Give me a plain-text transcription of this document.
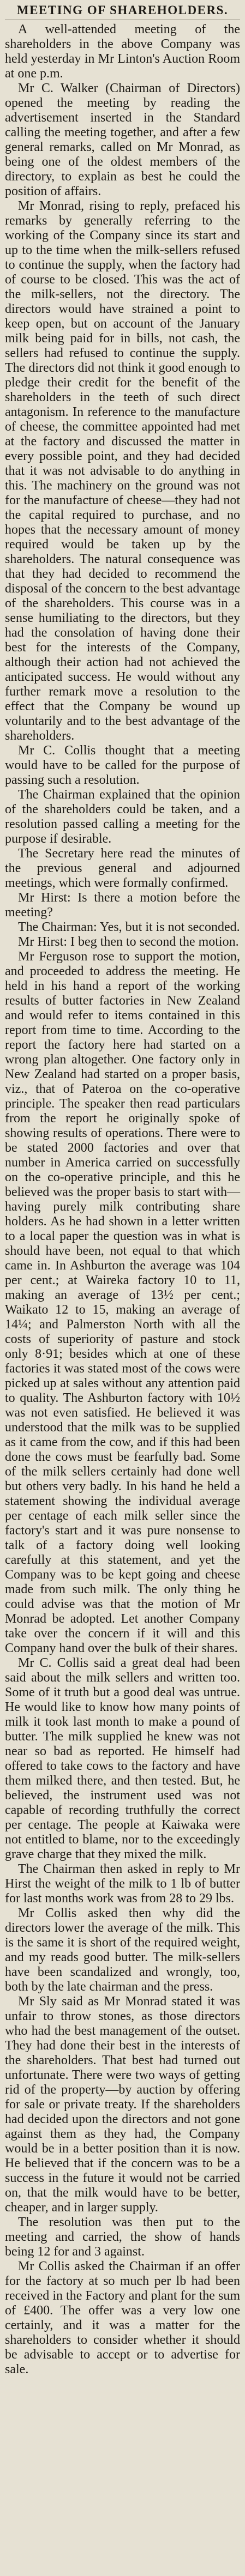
MEETING OF SHAREHOLDERS.

A well-attended meeting of the shareholders in the above Company was held yesterday in Mr Linton's Auction Room at one p.m.

Mr C. Walker (Chairman of Directors) opened the meeting by reading the advertisement inserted in the Standard calling the meeting together, and after a few general remarks, called on Mr Monrad, as being one of the oldest members of the directory, to explain as best he could the position of affairs.

Mr Monrad, rising to reply, prefaced his remarks by generally referring to the working of the Company since its start and up to the time when the milk-sellers refused to continue the supply, when the factory had of course to be closed. This was the act of the milk-sellers, not the directory. The directors would have strained a point to keep open, but on account of the January milk being paid for in bills, not cash, the sellers had refused to continue the supply. The directors did not think it good enough to pledge their credit for the benefit of the shareholders in the teeth of such direct antagonism. In reference to the manufacture of cheese, the committee appointed had met at the factory and discussed the matter in every possible point, and they had decided that it was not advisable to do anything in this. The machinery on the ground was not for the manufacture of cheese—they had not the capital required to purchase, and no hopes that the necessary amount of money required would be taken up by the shareholders. The natural consequence was that they had decided to recommend the disposal of the concern to the best advantage of the shareholders. This course was in a sense humiliating to the directors, but they had the consolation of having done their best for the interests of the Company, although their action had not achieved the anticipated success. He would without any further remark move a resolution to the effect that the Company be wound up voluntarily and to the best advantage of the shareholders.

Mr C. Collis thought that a meeting would have to be called for the purpose of passing such a resolution.

The Chairman explained that the opinion of the shareholders could be taken, and a resolution passed calling a meeting for the purpose if desirable.

The Secretary here read the minutes of the previous general and adjourned meetings, which were formally confirmed.

Mr Hirst: Is there a motion before the meeting?

The Chairman: Yes, but it is not seconded.

Mr Hirst: I beg then to second the motion.

Mr Ferguson rose to support the motion, and proceeded to address the meeting. He held in his hand a report of the working results of butter factories in New Zealand and would refer to items contained in this report from time to time. According to the report the factory here had started on a wrong plan altogether. One factory only in New Zealand had started on a proper basis, viz., that of Pateroa on the co-operative principle. The speaker then read particulars from the report he originally spoke of showing results of operations. There were to be stated 2000 factories and over that number in America carried on successfully on the co-operative principle, and this he believed was the proper basis to start with—having purely milk contributing share holders. As he had shown in a letter written to a local paper the question was in what is should have been, not equal to that which came in. In Ashburton the average was 104 per cent.; at Waireka factory 10 to 11, making an average of 13½ per cent.; Waikato 12 to 15, making an average of 14¼; and Palmerston North with all the costs of superiority of pasture and stock only 8·91; besides which at one of these factories it was stated most of the cows were picked up at sales without any attention paid to quality. The Ashburton factory with 10½ was not even satisfied. He believed it was understood that the milk was to be supplied as it came from the cow, and if this had been done the cows must be fearfully bad. Some of the milk sellers certainly had done well but others very badly. In his hand he held a statement showing the individual average per centage of each milk seller since the factory's start and it was pure nonsense to talk of a factory doing well looking carefully at this statement, and yet the Company was to be kept going and cheese made from such milk. The only thing he could advise was that the motion of Mr Monrad be adopted. Let another Company take over the concern if it will and this Company hand over the bulk of their shares.

Mr C. Collis said a great deal had been said about the milk sellers and written too. Some of it truth but a good deal was untrue. He would like to know how many points of milk it took last month to make a pound of butter. The milk supplied he knew was not near so bad as reported. He himself had offered to take cows to the factory and have them milked there, and then tested. But, he believed, the instrument used was not capable of recording truthfully the correct per centage. The people at Kaiwaka were not entitled to blame, nor to the exceedingly grave charge that they mixed the milk.

The Chairman then asked in reply to Mr Hirst the weight of the milk to 1 lb of butter for last months work was from 28 to 29 lbs.

Mr Collis asked then why did the directors lower the average of the milk. This is the same it is short of the required weight, and my reads good butter. The milk-sellers have been scandalized and wrongly, too, both by the late chairman and the press.

Mr Sly said as Mr Monrad stated it was unfair to throw stones, as those directors who had the best management of the outset. They had done their best in the interests of the shareholders. That best had turned out unfortunate. There were two ways of getting rid of the property—by auction by offering for sale or private treaty. If the shareholders had decided upon the directors and not gone against them as they had, the Company would be in a better position than it is now. He believed that if the concern was to be a success in the future it would not be carried on, that the milk would have to be better, cheaper, and in larger supply.

The resolution was then put to the meeting and carried, the show of hands being 12 for and 3 against.

Mr Collis asked the Chairman if an offer for the factory at so much per lb had been received in the Factory and plant for the sum of £400. The offer was a very low one certainly, and it was a matter for the shareholders to consider whether it should be advisable to accept or to advertise for sale.
